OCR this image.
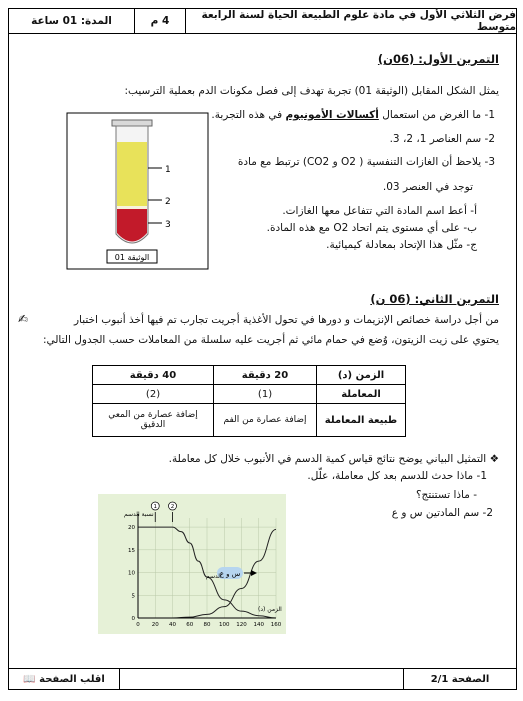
فرض الثلاثي الأول في مادة علوم الطبيعة الحياة لسنة الرابعة متوسط
4 م
المدة: 01 ساعة
التمرين الأول: (06ن)
يمثل الشكل المقابل (الوثيقة 01) تجربة تهدف إلى فصل مكونات الدم بعملية الترسيب:
1- ما الغرض من استعمال أكسالات الأمونيوم في هذه التجربة.
2- سم العناصر 1، 2، 3.
3- يلاحظ أن الغازات التنفسية ( O2 و CO2) ترتبط مع مادة
توجد في العنصر 03.
أ- أعط اسم المادة التي تتفاعل معها الغازات.
ب- على أي مستوى يتم اتحاد O2 مع هذه المادة.
ج- مثّل هذا الإتحاد بمعادلة كيميائية.
1
2
3
الوثيقة 01
التمرين الثاني: (06 ن)
✍	من أجل دراسة خصائص الإنزيمات و دورها في تحول الأغذية أجريت تجارب تم فيها أخذ أنبوب اختبار
يحتوي على زيت الزيتون، وُضع في حمام مائي ثم أجريت عليه سلسلة من المعاملات حسب الجدول التالي:
الزمن (د)	20 دقيقة	40 دقيقة
المعاملة	(1)	(2)
طبيعة المعاملة	إضافة عصارة من الفم	إضافة عصارة من المعي الدقيق
❖ التمثيل البياني يوضح نتائج قياس كمية الدسم في الأنبوب خلال كل معاملة.
1- ماذا حدث للدسم بعد كل معاملة، علّل.
- ماذا تستنتج؟
2- سم المادتين س و ع
0
5
10
15
20
0 20 40 60 80 100 120 140 160
نسبة الدسم
الزمن (د)
1	2
س و ع
الدسم
الصفحة 2/1
اقلب الصفحة

📖
